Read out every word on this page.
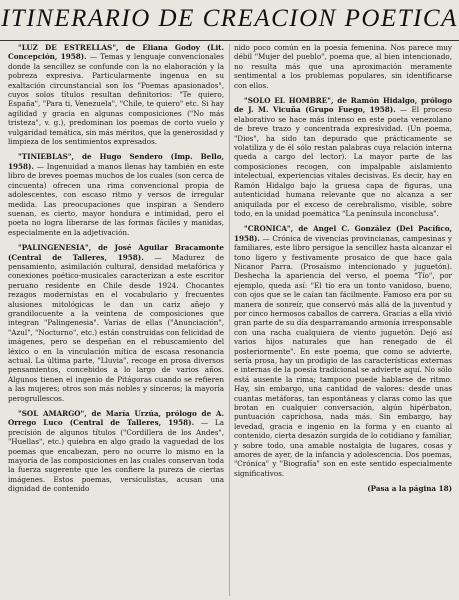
ITINERARIO DE CREACION POETICA

"LUZ DE ESTRELLAS", de Eliana Godoy (Lit. Concepción, 1958). — Temas y lenguaje convencionales donde la sencillez se confunde con la no elaboración y la pobreza expresiva. Particularmente ingenua en su exaltación circunstancial son los "Poemas apasionados", cuyos solos títulos resultan definitorios: "Te quiero, España", "Para ti, Venezuela", "Chile, te quiero" etc. Si hay agilidad y gracia en algunas composiciones ("No más tristeza", v. g.), predominan los poemas de corto vuelo y vulgaridad temática, sin más méritos, que la generosidad y limpieza de los sentimientos expresados.

"TINIEBLAS", de Hugo Sendero (Imp. Bello, 1958). — Ingenuidad a manos llenas hay también en este libro de breves poemas muchos de los cuales (son cerca de cincuenta) ofrecen una rima convencional propia de adolescentes, con escaso ritmo y versos de irregular medida. Las preocupaciones que inspiran a Sendero suenan, es cierto, mayor hondura e intimidad, pero el poeta no logra liberarse de las formas fáciles y manidas, especialmente en la adjetivación.

"PALINGENESIA", de José Aguilar Bracamonte (Central de Talleres, 1958). — Madurez de pensamiento, asimilación cultural, densidad metafórica y conexiones poético-musicales caracterizan a este escritor peruano residente en Chile desde 1924. Chocantes rezagos modernistas en el vocabulario y frecuentes alusiones mitológicas le dan un cariz añejo y grandilocuente a la veintena de composiciones que integran "Palingenesia". Varias de ellas ("Anunciación", "Azul", "Nocturno", etc.) están construidas con felicidad de imágenes, pero se despeñan en el rebuscamiento del léxico o en la vinculación mítica de escasa resonancia actual. La última parte, "Lluvia", recoge en prosa diversos pensamientos, concebidos a lo largo de varios años. Algunos tienen el ingenio de Pitágoras cuando se refieren a las mujeres; otros son más nobles y sinceros; la mayoría perogrullescos.

"SOL AMARGO", de María Urzúa, prólogo de A. Orrego Luco (Central de Talleres, 1958). — La precisión de algunos títulos ("Cordillera de los Andes", "Huellas", etc.) quiebra en algo grado la vaguedad de los poemas que encabezan, pero no ocurre lo mismo en la mayoría de las composiciones en las cuales conservan toda la fuerza sugerente que les confiere la pureza de ciertas imágenes. Estos poemas, versiculistas, acusan una dignidad de contenido

nido poco común en la poesía femenina. Nos parece muy débil "Mujer del pueblo", poema que, al bien intencionado, no resulta más que una aproximación meramente sentimental a los problemas populares, sin identificarse con ellos.

"SOLO EL HOMBRE", de Ramón Hidalgo, prólogo de J. M. Vicuña (Grupo Fuego, 1958). — El proceso elaborativo se hace más intenso en este poeta venezolano de breve trazo y concentrada expresividad. (Un poema, "Dios", ha sido tan depurado que prácticamente se volatiliza y de él sólo restan palabras cuya relación interna queda a cargo del lector). La mayor parte de las composiciones recogen, con impalpable aislamiento intelectual, experiencias vitales decisivas. Es decir, hay en Ramón Hidalgo bajo la gruesa capa de figuras, una autenticidad humana relevante que no alcanza a ser aniquilada por el exceso de cerebralismo, visible, sobre todo, en la unidad poemática "La península inconclusa".

"CRONICA", de Angel C. González (Del Pacífico, 1958). — Crónica de vivencias provincianas, campesinas y familiares, este libro persigue la sencillez hasta alcanzar el tono ligero y festivamente prosaico de que hace gala Nicanor Parra. (Prosaísmo intencionado y juguetón). Deshecha la apariencia del verso, el poema "Tío", por ejemplo, queda así: "El tío era un tonto vanidoso, bueno, con ojos que se le caían tan fácilmente. Famoso era por su manera de sonreír, que conservó más allá de la juventud y por cinco hermosos caballos de carrera. Gracias a ella vivió gran parte de su día desparramando armonía irresponsable con una racha cualquiera de viento juguetón. Dejó así varios hijos naturales que han renegado de él posteriormente". En este poema, que como se advierte, sería prosa, hay un prodigio de las características externas e internas de la poesía tradicional se advierte aquí. No sólo está ausente la rima; tampoco puede hablarse de ritmo. Hay, sin embargo, una cantidad de valores: desde unas cuantas metáforas, tan espontáneas y claras como las que brotan en cualquier conversación, algún hipérbaton, puntuación caprichosa, nada más. Sin embargo, hay levedad, gracia e ingenio en la forma y en cuanto al contenido, cierta desazón surgida de lo cotidiano y familiar, y sobre todo, una amable nostalgia de lugares, cosas y amores de ayer, de la infancia y adolescencia. Dos poemas, "Crónica" y "Biografía" son en este sentido especialmente significativos.

(Pasa a la página 18)
